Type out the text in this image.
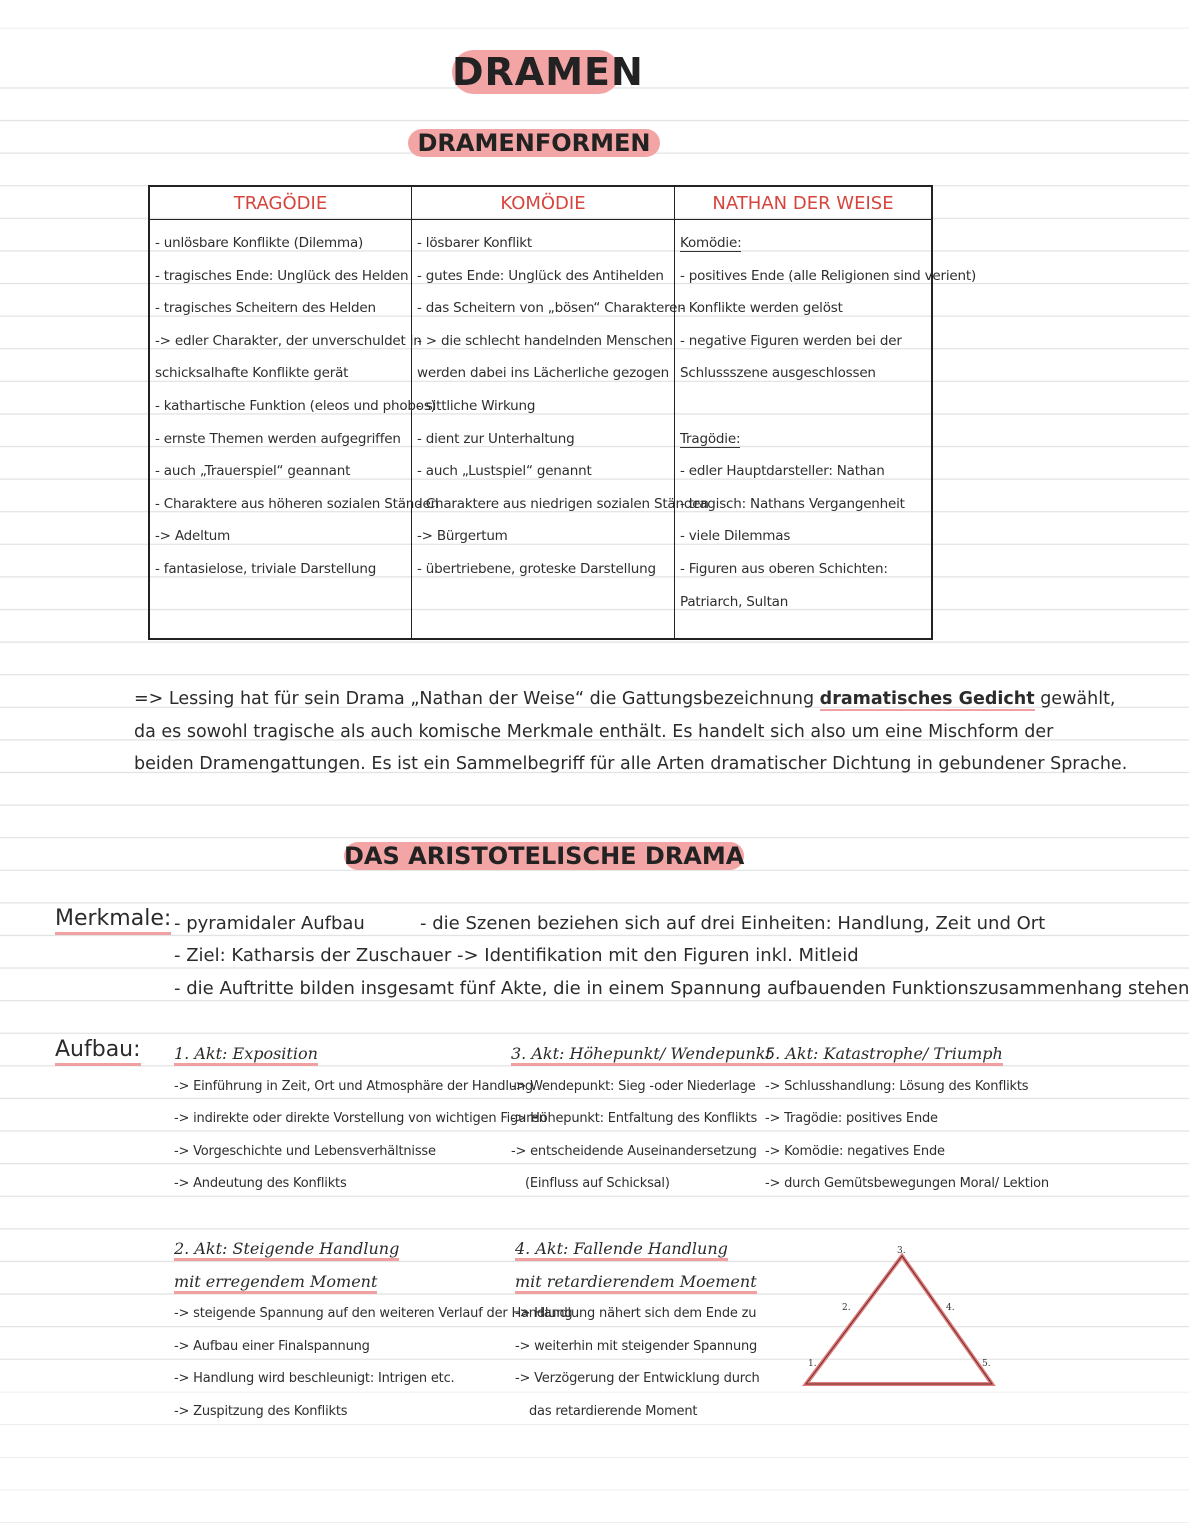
DRAMEN
DRAMENFORMEN
TRAGÖDIE
- unlösbare Konflikte (Dilemma)
- tragisches Ende: Unglück des Helden
- tragisches Scheitern des Helden
-> edler Charakter, der unverschuldet in
schicksalhafte Konflikte gerät
- kathartische Funktion (eleos und phobos)
- ernste Themen werden aufgegriffen
- auch „Trauerspiel“ geannant
- Charaktere aus höheren sozialen Ständen
-> Adeltum
- fantasielose, triviale Darstellung
KOMÖDIE
- lösbarer Konflikt
- gutes Ende: Unglück des Antihelden
- das Scheitern von „bösen“ Charakteren
- > die schlecht handelnden Menschen
werden dabei ins Lächerliche gezogen
- sittliche Wirkung
- dient zur Unterhaltung
- auch „Lustspiel“ genannt
- Charaktere aus niedrigen sozialen Ständen
-> Bürgertum
- übertriebene, groteske Darstellung
NATHAN DER WEISE
Komödie:
- positives Ende (alle Religionen sind verient)
- Konflikte werden gelöst
- negative Figuren werden bei der
Schlussszene ausgeschlossen
Tragödie:
- edler Hauptdarsteller: Nathan
- tragisch: Nathans Vergangenheit
- viele Dilemmas
- Figuren aus oberen Schichten:
Patriarch, Sultan
=> Lessing hat für sein Drama „Nathan der Weise“ die Gattungsbezeichnung dramatisches Gedicht gewählt,
da es sowohl tragische als auch komische Merkmale enthält. Es handelt sich also um eine Mischform der
beiden Dramengattungen. Es ist ein Sammelbegriff für alle Arten dramatischer Dichtung in gebundener Sprache.
DAS ARISTOTELISCHE DRAMA
Merkmale: - pyramidaler Aufbau	- die Szenen beziehen sich auf drei Einheiten: Handlung, Zeit und Ort
- Ziel: Katharsis der Zuschauer -> Identifikation mit den Figuren inkl. Mitleid
- die Auftritte bilden insgesamt fünf Akte, die in einem Spannung aufbauenden Funktionszusammenhang stehen
Aufbau: 1. Akt: Exposition
-> Einführung in Zeit, Ort und Atmosphäre der Handlung
-> indirekte oder direkte Vorstellung von wichtigen Figuren
-> Vorgeschichte und Lebensverhältnisse
-> Andeutung des Konflikts
3. Akt: Höhepunkt/ Wendepunkt
-> Wendepunkt: Sieg -oder Niederlage
-> Höhepunkt: Entfaltung des Konflikts
-> entscheidende Auseinandersetzung
(Einfluss auf Schicksal)
5. Akt: Katastrophe/ Triumph
-> Schlusshandlung: Lösung des Konflikts
-> Tragödie: positives Ende
-> Komödie: negatives Ende
-> durch Gemütsbewegungen Moral/ Lektion
2. Akt: Steigende Handlung
mit erregendem Moment
-> steigende Spannung auf den weiteren Verlauf der Handlung
-> Aufbau einer Finalspannung
-> Handlung wird beschleunigt: Intrigen etc.
-> Zuspitzung des Konflikts
4. Akt: Fallende Handlung
mit retardierendem Moement
-> Handlung nähert sich dem Ende zu
-> weiterhin mit steigender Spannung
-> Verzögerung der Entwicklung durch
das retardierende Moment
1.
2.
3.
4.
5.
